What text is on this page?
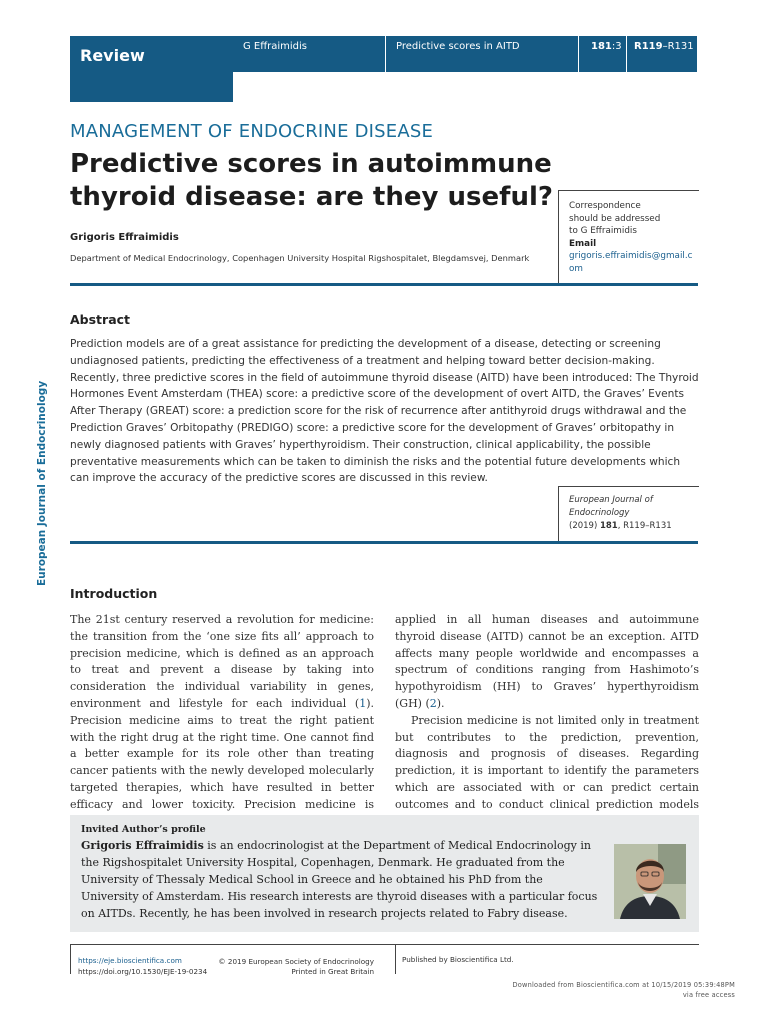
Review	G Effraimidis	Predictive scores in AITD	181:3 R119–R131
European Journal of Endocrinology
MANAGEMENT OF ENDOCRINE DISEASE
Predictive scores in autoimmune thyroid disease: are they useful?
Grigoris Effraimidis
Department of Medical Endocrinology, Copenhagen University Hospital Rigshospitalet, Blegdamsvej, Denmark
Correspondence
should be addressed
to G Effraimidis
Email
grigoris.effraimidis@gmail.com
Abstract
Prediction models are of a great assistance for predicting the development of a disease, detecting or screening undiagnosed patients, predicting the effectiveness of a treatment and helping toward better decision-making. Recently, three predictive scores in the field of autoimmune thyroid disease (AITD) have been introduced: The Thyroid Hormones Event Amsterdam (THEA) score: a predictive score of the development of overt AITD, the Graves’ Events After Therapy (GREAT) score: a prediction score for the risk of recurrence after antithyroid drugs withdrawal and the Prediction Graves’ Orbitopathy (PREDIGO) score: a predictive score for the development of Graves’ orbitopathy in newly diagnosed patients with Graves’ hyperthyroidism. Their construction, clinical applicability, the possible preventative measurements which can be taken to diminish the risks and the potential future developments which can improve the accuracy of the predictive scores are discussed in this review.
European Journal of Endocrinology
(2019) 181, R119–R131
Introduction

The 21st century reserved a revolution for medicine: the transition from the ‘one size fits all’ approach to precision medicine, which is defined as an approach to treat and prevent a disease by taking into consideration the individual variability in genes, environment and lifestyle for each individual (1). Precision medicine aims to treat the right patient with the right drug at the right time. One cannot find a better example for its role other than treating cancer patients with the newly developed molecularly targeted therapies, which have resulted in better efficacy and lower toxicity. Precision medicine is

applied in all human diseases and autoimmune thyroid disease (AITD) cannot be an exception. AITD affects many people worldwide and encompasses a spectrum of conditions ranging from Hashimoto’s hypothyroidism (HH) to Graves’ hyperthyroidism (GH) (2).

Precision medicine is not limited only in treatment but contributes to the prediction, prevention, diagnosis and prognosis of diseases. Regarding prediction, it is important to identify the parameters which are associated with or can predict certain outcomes and to conduct clinical prediction models

Invited Author’s profile
Grigoris Effraimidis is an endocrinologist at the Department of Medical Endocrinology in the Rigshospitalet University Hospital, Copenhagen, Denmark. He graduated from the University of Thessaly Medical School in Greece and he obtained his PhD from the University of Amsterdam. His research interests are thyroid diseases with a particular focus on AITDs. Recently, he has been involved in research projects related to Fabry disease.
https://eje.bioscientifica.com
https://doi.org/10.1530/EJE-19-0234
© 2019 European Society of Endocrinology
Printed in Great Britain
Published by Bioscientifica Ltd.
Downloaded from Bioscientifica.com at 10/15/2019 05:39:48PM
via free access
